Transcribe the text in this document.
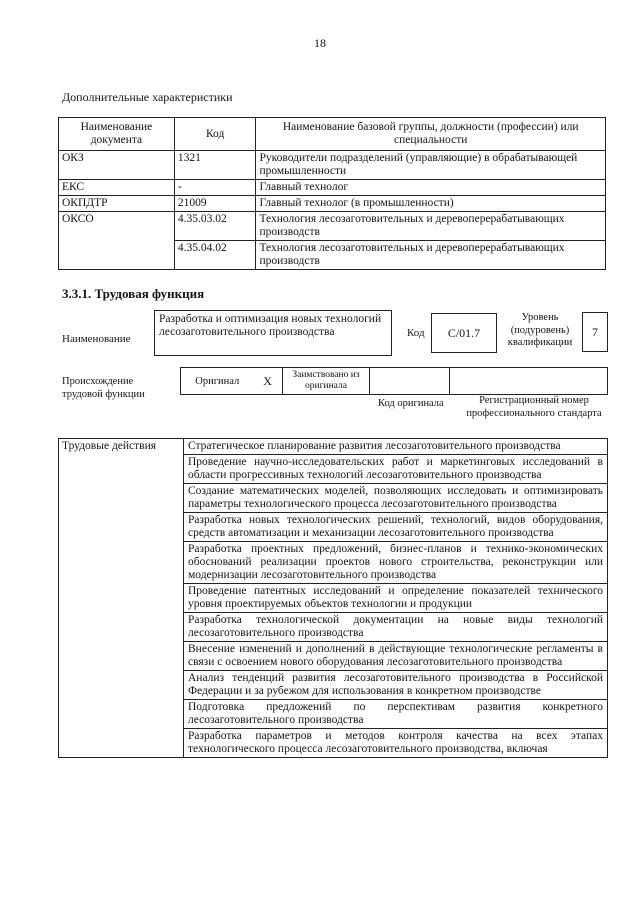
18
Дополнительные характеристики
Наименование документа	Код	Наименование базовой группы, должности (профессии) или специальности
ОКЗ	1321	Руководители подразделений (управляющие) в обрабатывающей промышленности
ЕКС	-	Главный технолог
ОКПДТР	21009	Главный технолог (в промышленности)
ОКСО	4.35.03.02	Технология лесозаготовительных и деревоперерабатывающих производств
	4.35.04.02	Технология лесозаготовительных и деревоперерабатывающих производств
3.3.1. Трудовая функция
Наименование
Разработка и оптимизация новых технологий лесозаготовительного производства	Код	C/01.7
Уровень (подуровень) квалификации
7
Происхождение трудовой функции
Оригинал	X	Заимствовано из оригинала		
Код оригинала	Регистрационный номер профессионального стандарта
Трудовые действия	Стратегическое планирование развития лесозаготовительного производства
Проведение научно-исследовательских работ и маркетинговых исследований в области прогрессивных технологий лесозаготовительного производства
Создание математических моделей, позволяющих исследовать и оптимизировать параметры технологического процесса лесозаготовительного производства
Разработка новых технологических решений, технологий, видов оборудования, средств автоматизации и механизации лесозаготовительного производства
Разработка проектных предложений, бизнес-планов и технико-экономических обоснований реализации проектов нового строительства, реконструкции или модернизации лесозаготовительного производства
Проведение патентных исследований и определение показателей технического уровня проектируемых объектов технологии и продукции
Разработка технологической документации на новые виды технологий лесозаготовительного производства
Внесение изменений и дополнений в действующие технологические регламенты в связи с освоением нового оборудования лесозаготовительного производства
Анализ тенденций развития лесозаготовительного производства в Российской Федерации и за рубежом для использования в конкретном производстве
Подготовка предложений по перспективам развития конкретного лесозаготовительного производства
Разработка параметров и методов контроля качества на всех этапах технологического процесса лесозаготовительного производства, включая
